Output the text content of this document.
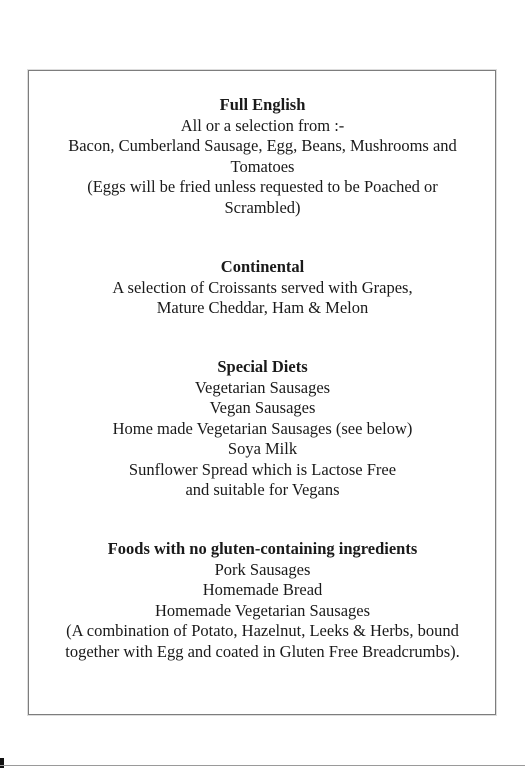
Full English
All or a selection from :-
Bacon, Cumberland Sausage, Egg, Beans, Mushrooms and
Tomatoes
(Eggs will be fried unless requested to be Poached or
Scrambled)
Continental
A selection of Croissants served with Grapes,
Mature Cheddar, Ham & Melon
Special Diets
Vegetarian Sausages
Vegan Sausages
Home made Vegetarian Sausages (see below)
Soya Milk
Sunflower Spread which is Lactose Free
and suitable for Vegans
Foods with no gluten-containing ingredients
Pork Sausages
Homemade Bread
Homemade Vegetarian Sausages
(A combination of Potato, Hazelnut, Leeks & Herbs, bound
together with Egg and coated in Gluten Free Breadcrumbs).
